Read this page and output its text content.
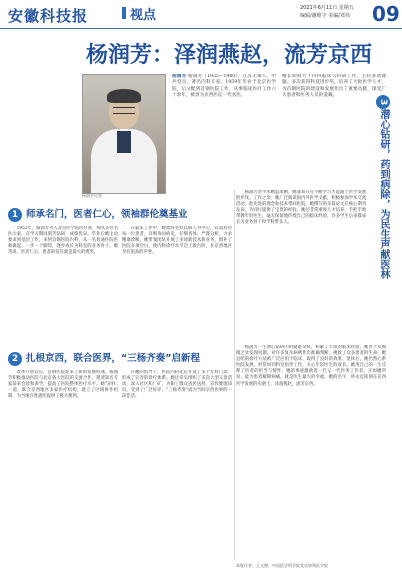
安徽科技报	视点	2021年6月11日 星期五
编辑/谢维宇 美编/邓伟 09
杨润芳：泽润燕赵，流芳京西
杨润芳近照
杨润芳 杨润芳（1935—1980），江苏无锡人，中共党员，著名内科专家。1959年毕业于北京医学院，后分配到首钢医院工作，从事临床医疗工作六十余年，被誉为京西医坛一代名医。
她长期致力于内科临床与科研工作，主持多项课题，多次获得科技进步奖，培养了大批医学人才，为首钢医院的建设和发展作出了重要贡献，深受广大患者和医务人员的爱戴。
1 师承名门，医者仁心，领袖群伦奠基业
1952年，杨润芳考入北京医学院医疗系，师从多位名医大家，在学习期间刻苦钻研，成绩优异。毕业后她主动要求到基层工作，来到首钢医院内科，从一名普通住院医师做起，一步一个脚印，逐步成长为科室的业务骨干。她常说，医者仁心，患者的信任就是最大的褒奖。
在临床工作中，她始终坚持以病人为中心，认真对待每一位患者，详细询问病史，仔细查体，严谨分析，力求精准诊断。她带领团队开展了多项新技术新业务，填补了医院多项空白，使内科诊疗水平迈上新台阶，在京西地区享有很高的声誉。
杨润芳对学术精益求精，她深知只有不断学习才能跟上医学发展的步伐。工作之余，她广泛阅读国内外医学文献，积极参加学术交流活动，把先进的理念和技术带回医院。她撰写的多篇论文在核心期刊发表，为同行提供了宝贵的经验。她还非常重视人才培养，手把手地带教年轻医生，毫无保留地传授自己的临床经验，许多学生后来都成长为业务骨干和学科带头人。
2 扎根京西，联合医界，“三杨齐奏”启新程
改革开放以后，首钢医院迎来了新的发展机遇。杨润芳积极推动医院与北京各大医院的交流合作，邀请知名专家前来会诊和讲学，提高了医院整体医疗水平。她与同仁一道，联合京西地区多家医疗机构，建立了区域协作机制，为当地百姓就医提供了极大便利。
在她的倡导下，医院内科先后开设了多个专科门诊，形成了完善的诊疗体系。她还牵头组织了多次大型义诊活动，深入社区和厂矿，为职工群众送医送药，宣传健康知识，受到了广泛好评。“三杨齐奏”成为当时京西医界的一段佳话。
杨润芳一生潜心钻研内科疑难杂症，积累了丰富的临床经验。她善于从细微之处发现问题，对许多复杂病例作出准确判断，挽救了众多患者的生命。她总结的诊疗方法被广泛应用于临床，取得了良好的效果。退休后，她仍然心系医院发展，经常回到科室指导工作，关心年轻医生的成长。她用自己的一生诠释了医者的担当与情怀，她的事迹激励着一代又一代医务工作者。正如她所说，能为患者解除病痛，就是医生最大的幸福。她的名字，将永远铭刻在京西医学发展的史册上，泽润燕赵，流芳京西。
3潜心钻研，药到病除，为民生声献医林
本版作者：王文博，中国医学科学院北京协和医学院
